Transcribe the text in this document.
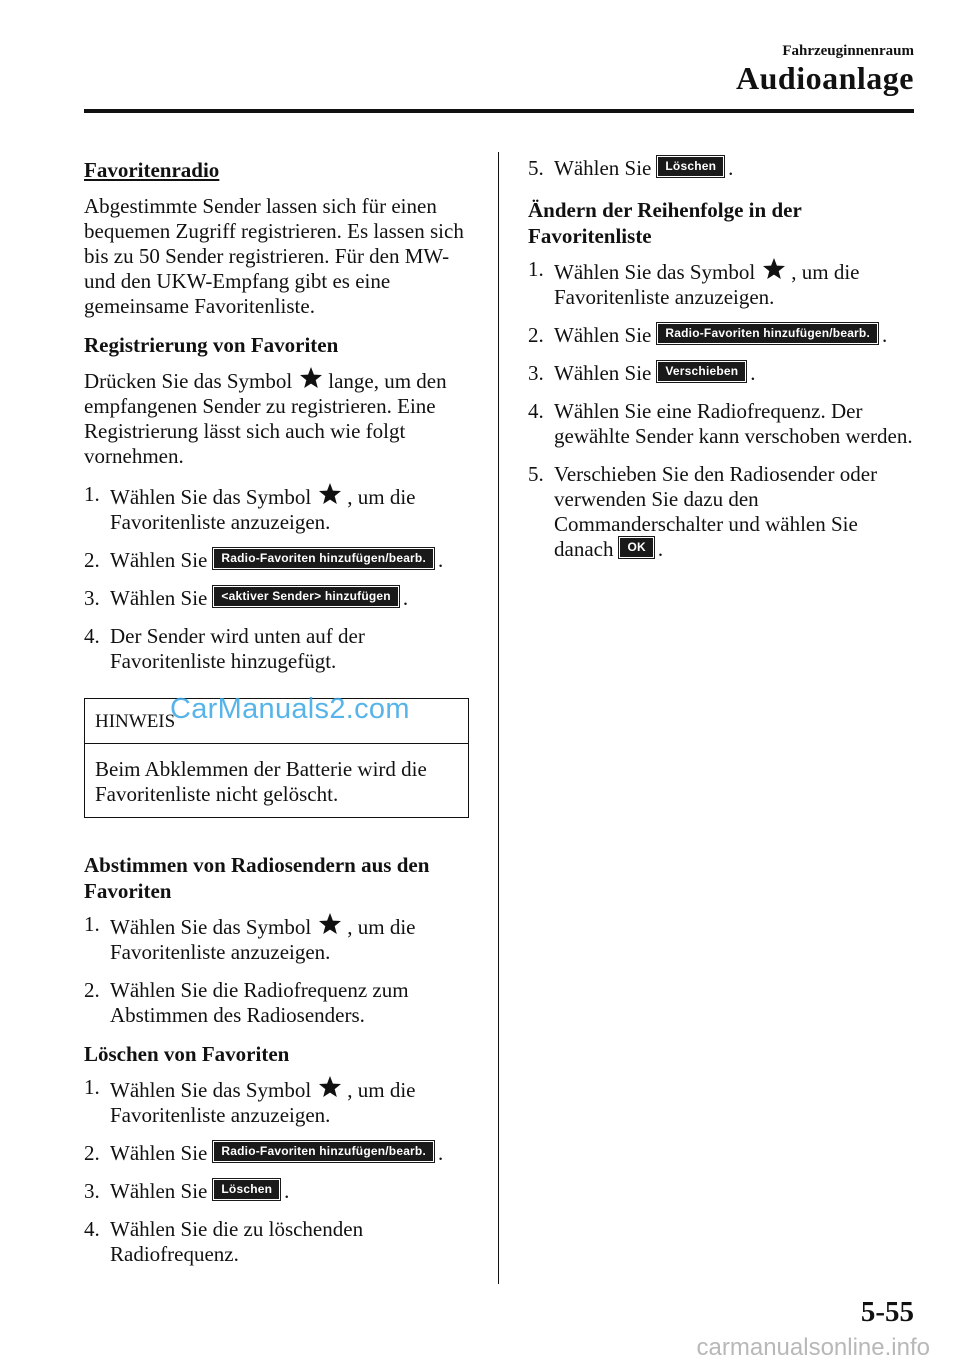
Fahrzeuginnenraum
Audioanlage
Favoritenradio
Abgestimmte Sender lassen sich für einen bequemen Zugriff registrieren. Es lassen sich bis zu 50 Sender registrieren. Für den MW- und den UKW-Empfang gibt es eine gemeinsame Favoritenliste.
Registrierung von Favoriten
Drücken Sie das Symbol lange, um den empfangenen Sender zu registrieren. Eine Registrierung lässt sich auch wie folgt vornehmen.
1. Wählen Sie das Symbol , um die Favoritenliste anzuzeigen.
2. Wählen Sie Radio-Favoriten hinzufügen/bearb. .
3. Wählen Sie <aktiver Sender> hinzufügen .
4. Der Sender wird unten auf der Favoritenliste hinzugefügt.
HINWEIS
CarManuals2.com
Beim Abklemmen der Batterie wird die Favoritenliste nicht gelöscht.
Abstimmen von Radiosendern aus den Favoriten
1. Wählen Sie das Symbol , um die Favoritenliste anzuzeigen.
2. Wählen Sie die Radiofrequenz zum Abstimmen des Radiosenders.
Löschen von Favoriten
1. Wählen Sie das Symbol , um die Favoritenliste anzuzeigen.
2. Wählen Sie Radio-Favoriten hinzufügen/bearb. .
3. Wählen Sie Löschen .
4. Wählen Sie die zu löschenden Radiofrequenz.
5. Wählen Sie Löschen .
Ändern der Reihenfolge in der Favoritenliste
1. Wählen Sie das Symbol , um die Favoritenliste anzuzeigen.
2. Wählen Sie Radio-Favoriten hinzufügen/bearb. .
3. Wählen Sie Verschieben .
4. Wählen Sie eine Radiofrequenz. Der gewählte Sender kann verschoben werden.
5. Verschieben Sie den Radiosender oder verwenden Sie dazu den Commanderschalter und wählen Sie danach OK .
5-55
carmanualsonline.info
